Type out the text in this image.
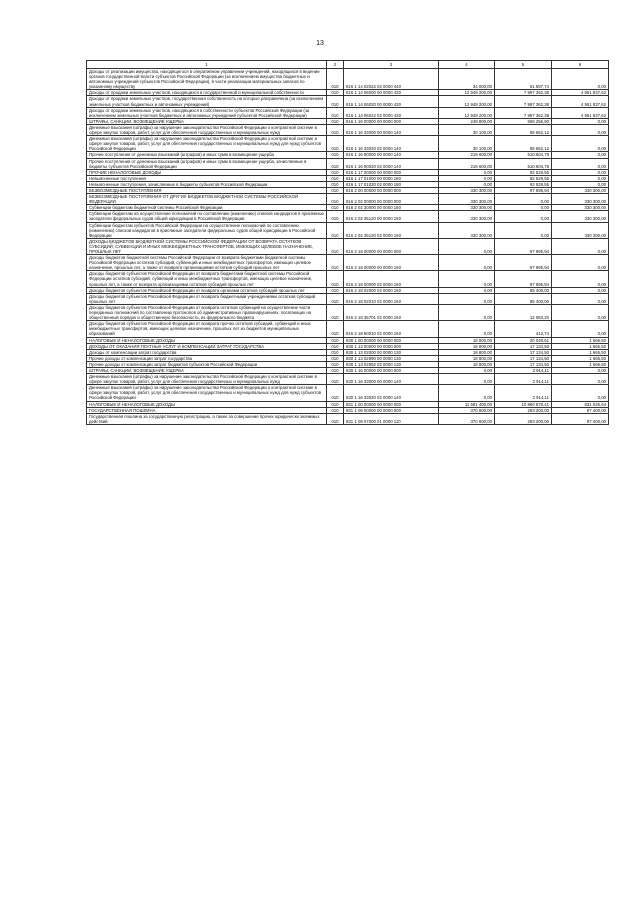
13
1	2	3	4	5	6
Доходы от реализации имущества, находящегося в оперативном управлении учреждений, находящихся в ведении органов государственной власти субъектов Российской Федерации (за исключением имущества бюджетных и автономных учреждений субъектов Российской Федерации), в части реализации материальных запасов по указанному имуществу	010	816 1 14 02022 02 0000 440	34 000,00	61 597,74	0,00
Доходы от продажи земельных участков, находящихся в государственной и муниципальной собственности	010	816 1 14 06000 00 0000 430	12 949 200,00	7 997 362,38	4 951 837,62
Доходы от продажи земельных участков, государственная собственность на которые разграничена (за исключением земельных участков бюджетных и автономных учреждений)	010	816 1 14 06020 00 0000 430	12 949 200,00	7 997 362,38	4 951 837,62
Доходы от продажи земельных участков, находящихся в собственности субъектов Российской Федерации (за исключением земельных участков бюджетных и автономных учреждений субъектов Российской Федерации)	010	816 1 14 06022 02 0000 430	12 949 200,00	7 997 362,38	4 951 837,62
ШТРАФЫ, САНКЦИИ, ВОЗМЕЩЕНИЕ УЩЕРБА	010	816 1 16 00000 00 0000 000	249 800,00	569 256,90	0,00
Денежные взыскания (штрафы) за нарушение законодательства Российской Федерации о контрактной системе в сфере закупок товаров, работ, услуг для обеспечения государственных и муниципальных нужд	010	816 1 16 33000 00 0000 140	30 100,00	58 652,12	0,00
Денежные взыскания (штрафы) за нарушение законодательства Российской Федерации о контрактной системе в сфере закупок товаров, работ, услуг для обеспечения государственных и муниципальных нужд для нужд субъектов Российской Федерации	010	816 1 16 33020 02 0000 140	30 100,00	58 652,12	0,00
Прочие поступления от денежных взысканий (штрафов) и иных сумм в возмещение ущерба	010	816 1 16 90000 00 0000 140	219 600,00	510 604,78	0,00
Прочие поступления от денежных взысканий (штрафов) и иных сумм в возмещение ущерба, зачисляемые в бюджеты субъектов Российской Федерации	010	816 1 16 90020 02 0000 140	219 600,00	510 604,78	0,00
ПРОЧИЕ НЕНАЛОГОВЫЕ ДОХОДЫ	010	816 1 17 00000 00 0000 000	0,00	92 529,55	0,00
Невыясненные поступления	010	816 1 17 01000 00 0000 180	0,00	92 529,55	0,00
Невыясненные поступления, зачисляемые в бюджеты субъектов Российской Федерации	010	816 1 17 01020 02 0000 180	0,00	92 529,55	0,00
БЕЗВОЗМЕЗДНЫЕ ПОСТУПЛЕНИЯ	010	816 2 00 00000 00 0000 000	330 300,00	97 895,94	330 300,00
БЕЗВОЗМЕЗДНЫЕ ПОСТУПЛЕНИЯ ОТ ДРУГИХ БЮДЖЕТОВ БЮДЖЕТНОЙ СИСТЕМЫ РОССИЙСКОЙ ФЕДЕРАЦИИ	010	816 2 02 00000 00 0000 000	330 300,00	0,00	330 300,00
Субвенции бюджетам бюджетной системы Российской Федерации	010	816 2 02 30000 00 0000 150	330 300,00	0,00	330 300,00
Субвенции бюджетам на осуществление полномочий по составлению (изменению) списков кандидатов в присяжные заседатели федеральных судов общей юрисдикции в Российской Федерации	010	816 2 02 35120 00 0000 150	330 300,00	0,00	330 300,00
Субвенции бюджетам субъектов Российской Федерации на осуществление полномочий по составлению (изменению) списков кандидатов в присяжные заседатели федеральных судов общей юрисдикции в Российской Федерации	010	816 2 02 35120 02 0000 150	330 300,00	0,00	330 300,00
ДОХОДЫ БЮДЖЕТОВ БЮДЖЕТНОЙ СИСТЕМЫ РОССИЙСКОЙ ФЕДЕРАЦИИ ОТ ВОЗВРАТА ОСТАТКОВ СУБСИДИЙ, СУБВЕНЦИЙ И ИНЫХ МЕЖБЮДЖЕТНЫХ ТРАНСФЕРТОВ, ИМЕЮЩИХ ЦЕЛЕВОЕ НАЗНАЧЕНИЕ, ПРОШЛЫХ ЛЕТ	010	816 2 18 00000 00 0000 000	0,00	97 895,94	0,00
Доходы бюджетов бюджетной системы Российской Федерации от возврата бюджетами бюджетной системы Российской Федерации остатков субсидий, субвенций и иных межбюджетных трансфертов, имеющих целевое назначение, прошлых лет, а также от возврата организациями остатков субсидий прошлых лет	010	816 2 18 00000 00 0000 150	0,00	97 895,94	0,00
Доходы бюджетов субъектов Российской Федерации от возврата бюджетами бюджетной системы Российской Федерации остатков субсидий, субвенций и иных межбюджетных трансфертов, имеющих целевое назначение, прошлых лет, а также от возврата организациями остатков субсидий прошлых лет	010	816 2 18 00000 02 0000 150	0,00	97 895,94	0,00
Доходы бюджетов субъектов Российской Федерации от возврата органами остатков субсидий прошлых лет	010	816 2 18 02000 02 0000 150	0,00	85 400,00	0,00
Доходы бюджетов субъектов Российской Федерации от возврата бюджетными учреждениями остатков субсидий прошлых лет	010	816 2 18 02010 02 0000 150	0,00	85 400,00	0,00
Доходы бюджетов субъектов Российской Федерации от возврата остатков субвенций на осуществление части переданных полномочий по составлению протоколов об административных правонарушениях, посягающих на общественный порядок и общественную безопасность, из федерального бюджета	010	816 2 18 35701 02 0000 150	0,00	12 083,20	0,00
Доходы бюджетов субъектов Российской Федерации от возврата прочих остатков субсидий, субвенций и иных межбюджетных трансфертов, имеющих целевое назначение, прошлых лет из бюджетов муниципальных образований	010	816 2 18 60010 02 0000 150	0,00	412,74	0,00
НАЛОГОВЫЕ И НЕНАЛОГОВЫЕ ДОХОДЫ	010	830 1 00 00000 00 0000 000	18 800,00	20 048,61	1 665,50
ДОХОДЫ ОТ ОКАЗАНИЯ ПЛАТНЫХ УСЛУГ И КОМПЕНСАЦИИ ЗАТРАТ ГОСУДАРСТВА	010	830 1 13 00000 00 0000 000	18 800,00	17 134,50	1 665,50
Доходы от компенсации затрат государства	010	830 1 13 02000 00 0000 130	18 800,00	17 134,50	1 665,50
Прочие доходы от компенсации затрат государства	010	830 1 13 02990 00 0000 130	18 800,00	17 134,50	1 665,50
Прочие доходы от компенсации затрат бюджетов субъектов Российской Федерации	010	830 1 13 02992 02 0000 130	18 800,00	17 134,50	1 665,50
ШТРАФЫ, САНКЦИИ, ВОЗМЕЩЕНИЕ УЩЕРБА	010	830 1 16 00000 00 0000 000	0,00	2 914,11	0,00
Денежные взыскания (штрафы) за нарушение законодательства Российской Федерации о контрактной системе в сфере закупок товаров, работ, услуг для обеспечения государственных и муниципальных нужд	010	830 1 16 33000 00 0000 140	0,00	2 914,11	0,00
Денежные взыскания (штрафы) за нарушение законодательства Российской Федерации о контрактной системе в сфере закупок товаров, работ, услуг для обеспечения государственных и муниципальных нужд для нужд субъектов Российской Федерации	010	830 1 16 33020 02 0000 140	0,00	2 914,11	0,00
НАЛОГОВЫЕ И НЕНАЛОГОВЫЕ ДОХОДЫ	010	831 1 00 00000 00 0000 000	11 681 400,00	10 860 879,41	831 025,64
ГОСУДАРСТВЕННАЯ ПОШЛИНА	010	831 1 08 00000 00 0000 000	370 600,00	283 200,00	87 400,00
Государственная пошлина за государственную регистрацию, а также за совершение прочих юридически значимых действий	010	831 1 08 07000 01 0000 110	370 600,00	283 200,00	87 400,00
